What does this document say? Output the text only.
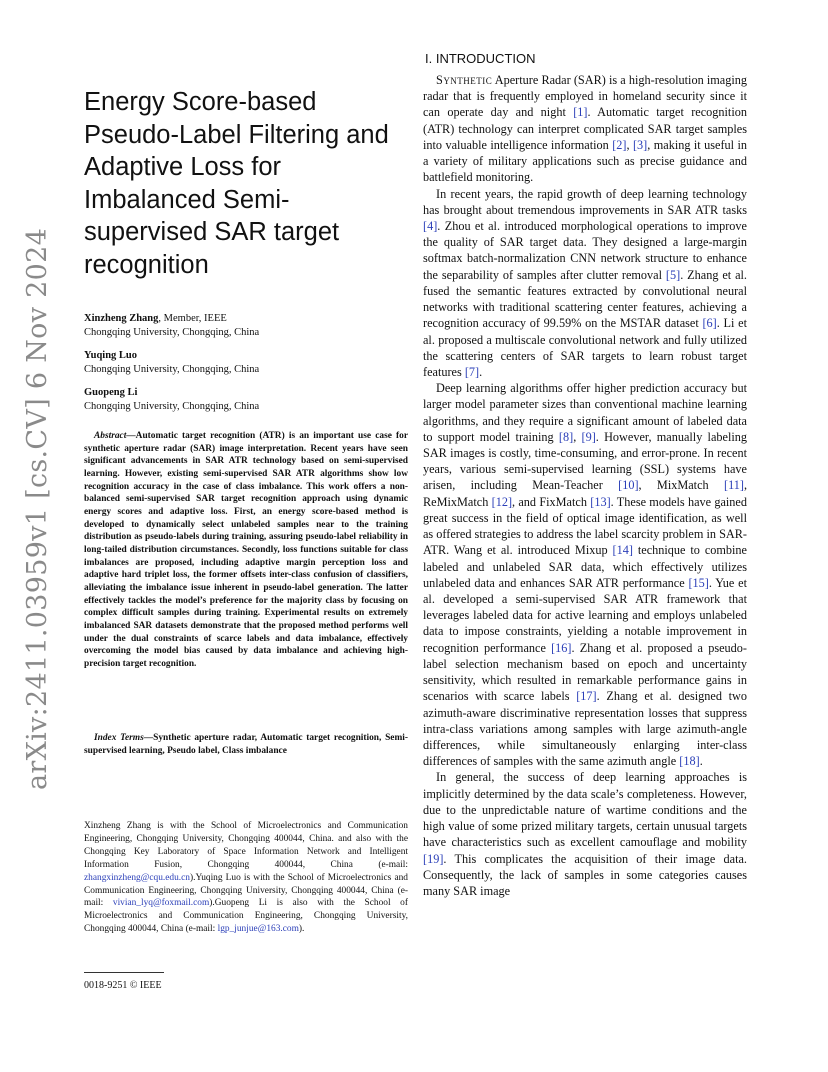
arXiv:2411.03959v1 [cs.CV] 6 Nov 2024
Energy Score-based Pseudo-Label Filtering and Adaptive Loss for Imbalanced Semi-supervised SAR target recognition
Xinzheng Zhang, Member, IEEE
Chongqing University, Chongqing, China
Yuqing Luo
Chongqing University, Chongqing, China
Guopeng Li
Chongqing University, Chongqing, China

Abstract—Automatic target recognition (ATR) is an important use case for synthetic aperture radar (SAR) image interpretation. Recent years have seen significant advancements in SAR ATR technology based on semi-supervised learning. However, existing semi-supervised SAR ATR algorithms show low recognition accuracy in the case of class imbalance. This work offers a non-balanced semi-supervised SAR target recognition approach using dynamic energy scores and adaptive loss. First, an energy score-based method is developed to dynamically select unlabeled samples near to the training distribution as pseudo-labels during training, assuring pseudo-label reliability in long-tailed distribution circumstances. Secondly, loss functions suitable for class imbalances are proposed, including adaptive margin perception loss and adaptive hard triplet loss, the former offsets inter-class confusion of classifiers, alleviating the imbalance issue inherent in pseudo-label generation. The latter effectively tackles the model’s preference for the majority class by focusing on complex difficult samples during training. Experimental results on extremely imbalanced SAR datasets demonstrate that the proposed method performs well under the dual constraints of scarce labels and data imbalance, effectively overcoming the model bias caused by data imbalance and achieving high-precision target recognition.

Index Terms—Synthetic aperture radar, Automatic target recognition, Semi-supervised learning, Pseudo label, Class imbalance

Xinzheng Zhang is with the School of Microelectronics and Communication Engineering, Chongqing University, Chongqing 400044, China. and also with the Chongqing Key Laboratory of Space Information Network and Intelligent Information Fusion, Chongqing 400044, China (e-mail: zhangxinzheng@cqu.edu.cn).Yuqing Luo is with the School of Microelectronics and Communication Engineering, Chongqing University, Chongqing 400044, China (e-mail: vivian_lyq@foxmail.com).Guopeng Li is also with the School of Microelectronics and Communication Engineering, Chongqing University, Chongqing 400044, China (e-mail: lgp_junjue@163.com).

0018-9251 © IEEE

I. INTRODUCTION

Synthetic Aperture Radar (SAR) is a high-resolution imaging radar that is frequently employed in homeland security since it can operate day and night [1]. Automatic target recognition (ATR) technology can interpret complicated SAR target samples into valuable intelligence information [2], [3], making it useful in a variety of military applications such as precise guidance and battlefield monitoring.

In recent years, the rapid growth of deep learning technology has brought about tremendous improvements in SAR ATR tasks [4]. Zhou et al. introduced morphological operations to improve the quality of SAR target data. They designed a large-margin softmax batch-normalization CNN network structure to enhance the separability of samples after clutter removal [5]. Zhang et al. fused the semantic features extracted by convolutional neural networks with traditional scattering center features, achieving a recognition accuracy of 99.59% on the MSTAR dataset [6]. Li et al. proposed a multiscale convolutional network and fully utilized the scattering centers of SAR targets to learn robust target features [7].

Deep learning algorithms offer higher prediction accuracy but larger model parameter sizes than conventional machine learning algorithms, and they require a significant amount of labeled data to support model training [8], [9]. However, manually labeling SAR images is costly, time-consuming, and error-prone. In recent years, various semi-supervised learning (SSL) systems have arisen, including Mean-Teacher [10], MixMatch [11], ReMixMatch [12], and FixMatch [13]. These models have gained great success in the field of optical image identification, as well as offered strategies to address the label scarcity problem in SAR-ATR. Wang et al. introduced Mixup [14] technique to combine labeled and unlabeled SAR data, which effectively utilizes unlabeled data and enhances SAR ATR performance [15]. Yue et al. developed a semi-supervised SAR ATR framework that leverages labeled data for active learning and employs unlabeled data to impose constraints, yielding a notable improvement in recognition performance [16]. Zhang et al. proposed a pseudo-label selection mechanism based on epoch and uncertainty sensitivity, which resulted in remarkable performance gains in scenarios with scarce labels [17]. Zhang et al. designed two azimuth-aware discriminative representation losses that suppress intra-class variations among samples with large azimuth-angle differences, while simultaneously enlarging inter-class differences of samples with the same azimuth angle [18].

In general, the success of deep learning approaches is implicitly determined by the data scale’s completeness. However, due to the unpredictable nature of wartime conditions and the high value of some prized military targets, certain unusual targets have characteristics such as excellent camouflage and mobility [19]. This complicates the acquisition of their image data. Consequently, the lack of samples in some categories causes many SAR image
